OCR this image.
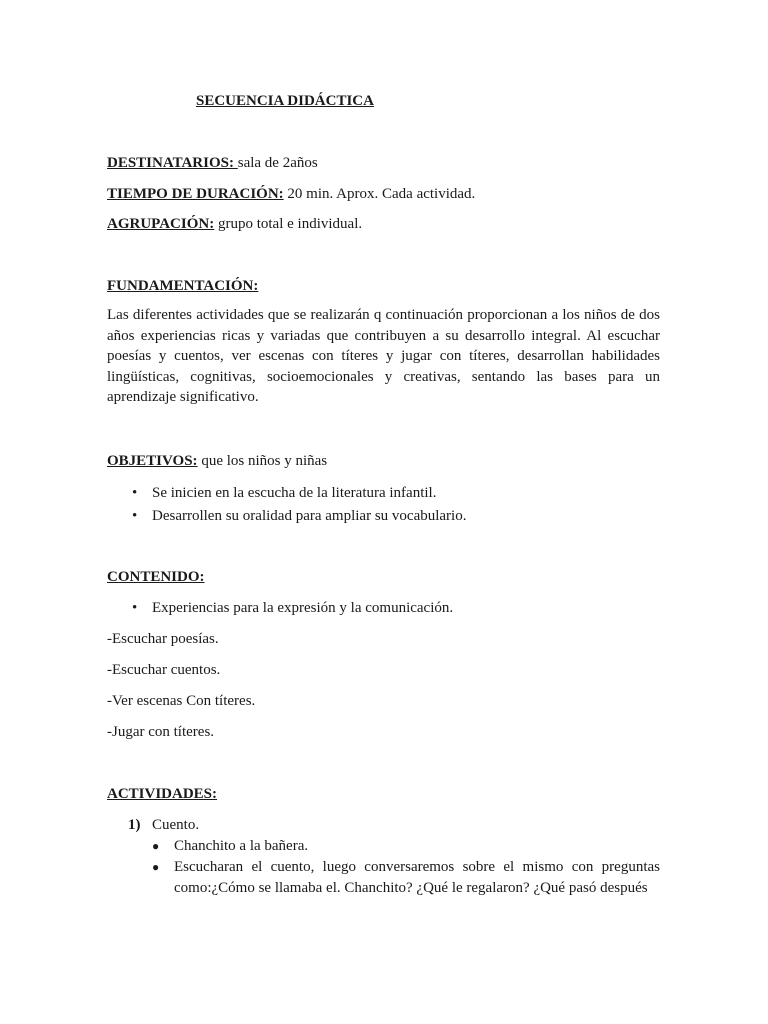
SECUENCIA DIDÁCTICA
DESTINATARIOS: sala de 2años
TIEMPO DE DURACIÓN: 20 min. Aprox. Cada actividad.
AGRUPACIÓN: grupo total e individual.
FUNDAMENTACIÓN:

Las diferentes actividades que se realizarán q continuación proporcionan a los niños de dos años experiencias ricas y variadas que contribuyen a su desarrollo integral. Al escuchar poesías y cuentos, ver escenas con títeres y jugar con títeres, desarrollan habilidades lingüísticas, cognitivas, socioemocionales y creativas, sentando las bases para un aprendizaje significativo.

OBJETIVOS: que los niños y niñas
• Se inicien en la escucha de la literatura infantil.
• Desarrollen su oralidad para ampliar su vocabulario.
CONTENIDO:
• Experiencias para la expresión y la comunicación.
-Escuchar poesías.
-Escuchar cuentos.
-Ver escenas Con títeres.
-Jugar con títeres.
ACTIVIDADES:
1) Cuento.
● Chanchito a la bañera.
● Escucharan el cuento, luego conversaremos sobre el mismo con preguntas como:¿Cómo se llamaba el. Chanchito? ¿Qué le regalaron? ¿Qué pasó después
